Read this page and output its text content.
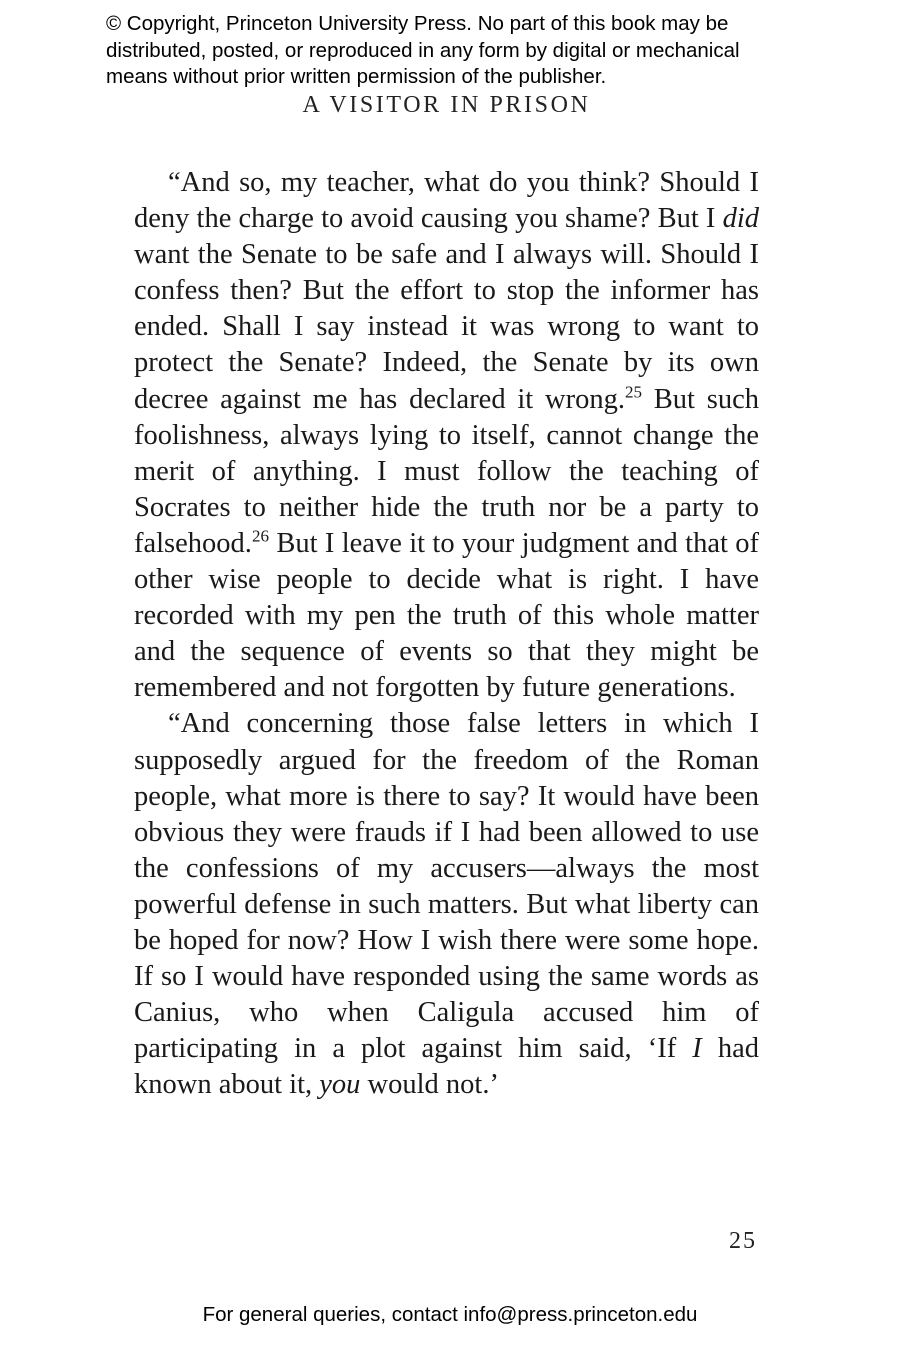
© Copyright, Princeton University Press. No part of this book may be
distributed, posted, or reproduced in any form by digital or mechanical
means without prior written permission of the publisher.
A VISITOR IN PRISON

“And so, my teacher, what do you think? Should I deny the charge to avoid causing you shame? But I did want the Senate to be safe and I always will. Should I confess then? But the effort to stop the informer has ended. Shall I say instead it was wrong to want to protect the Senate? Indeed, the Senate by its own decree against me has declared it wrong.$^{25}$ But such foolishness, always lying to itself, cannot change the merit of anything. I must follow the teaching of Socrates to neither hide the truth nor be a party to falsehood.$^{26}$ But I leave it to your judgment and that of other wise people to decide what is right. I have recorded with my pen the truth of this whole matter and the sequence of events so that they might be remembered and not forgotten by future generations.

“And concerning those false letters in which I supposedly argued for the freedom of the Roman people, what more is there to say? It would have been obvious they were frauds if I had been allowed to use the confessions of my accusers—always the most powerful defense in such matters. But what liberty can be hoped for now? How I wish there were some hope. If so I would have responded using the same words as Canius, who when Caligula accused him of participating in a plot against him said, ‘If I had known about it, you would not.’

25
For general queries, contact info@press.princeton.edu
